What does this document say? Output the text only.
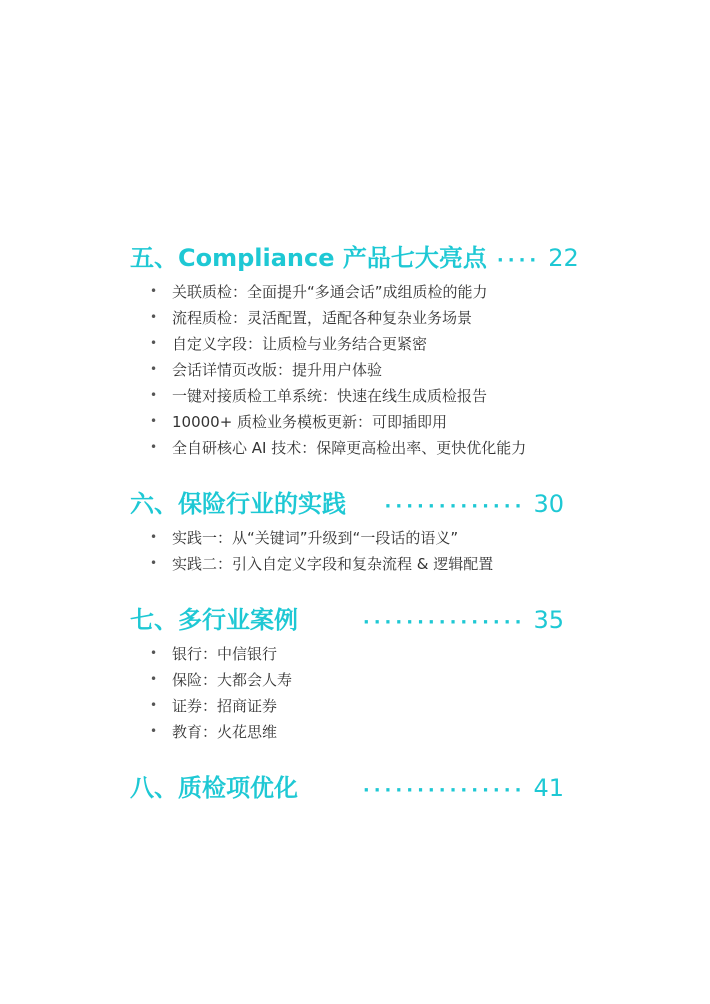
五、Compliance 产品七大亮点 ···· 22
• 关联质检：全面提升“多通会话”成组质检的能力
• 流程质检：灵活配置，适配各种复杂业务场景
• 自定义字段：让质检与业务结合更紧密
• 会话详情页改版：提升用户体验
• 一键对接质检工单系统：快速在线生成质检报告
• 10000+ 质检业务模板更新：可即插即用
• 全自研核心 AI 技术：保障更高检出率、更快优化能力
六、保险行业的实践	············· 30
• 实践一：从“关键词”升级到“一段话的语义”
• 实践二：引入自定义字段和复杂流程 & 逻辑配置
七、多行业案例	··············· 35
• 银行：中信银行
• 保险：大都会人寿
• 证券：招商证券
• 教育：火花思维
八、质检项优化	··············· 41
